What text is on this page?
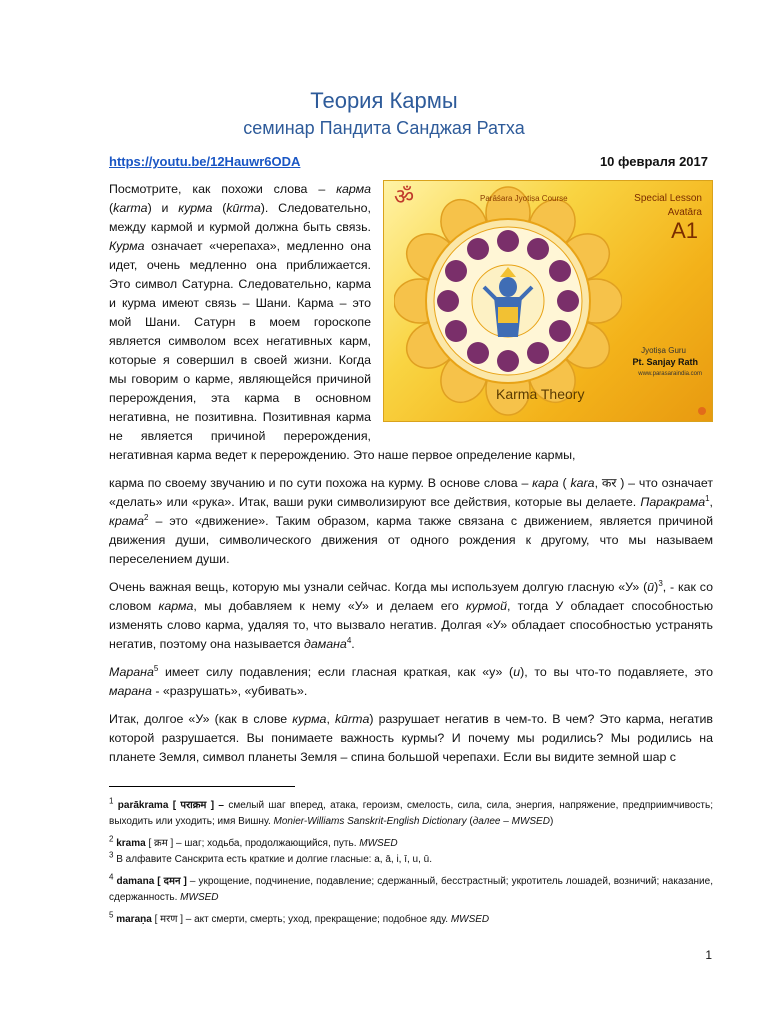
Теория Кармы
семинар Пандита Санджая Ратха
https://youtu.be/12Hauwr6ODA	10 февраля 2017
ॐ	Parāśara Jyotiṣa Course	Special Lesson
Avatāra
A1
Jyotiṣa Guru
Pt. Sanjay Rath
www.parasaraindia.com
Karma Theory

Посмотрите, как похожи слова – карма (karma) и курма (kūrma). Следовательно, между кармой и курмой должна быть связь. Курма означает «черепаха», медленно она идет, очень медленно она приближается. Это символ Сатурна. Следовательно, карма и курма имеют связь – Шани. Карма – это мой Шани. Сатурн в моем гороскопе является символом всех негативных карм, которые я совершил в своей жизни. Когда мы говорим о карме, являющейся причиной перерождения, эта карма в основном негативна, не позитивна. Позитивная карма не является причиной перерождения, негативная карма ведет к перерождению. Это наше первое определение кармы,

карма по своему звучанию и по сути похожа на курму. В основе слова – кара ( kara, कर ) – что означает «делать» или «рука». Итак, ваши руки символизируют все действия, которые вы делаете. Паракрама$^1$, крама$^2$ – это «движение». Таким образом, карма также связана с движением, является причиной движения души, символического движения от одного рождения к другому, что мы называем переселением души.

Очень важная вещь, которую мы узнали сейчас. Когда мы используем долгую гласную «У» (ū)$^3$, - как со словом карма, мы добавляем к нему «У» и делаем его курмой, тогда У обладает способностью изменять слово карма, удаляя то, что вызвало негатив. Долгая «У» обладает способностью устранять негатив, поэтому она называется дамана$^4$.

Марана$^5$ имеет силу подавления; если гласная краткая, как «у» (u), то вы что-то подавляете, это марана - «разрушать», «убивать».

Итак, долгое «У» (как в слове курма, kūrma) разрушает негатив в чем-то. В чем? Это карма, негатив которой разрушается. Вы понимаете важность курмы? И почему мы родились? Мы родились на планете Земля, символ планеты Земля – спина большой черепахи. Если вы видите земной шар с

$^1$ parākrama [ पराक्रम ] – смелый шаг вперед, атака, героизм, смелость, сила, сила, энергия, напряжение, предприимчивость; выходить или уходить; имя Вишну. Monier-Williams Sanskrit-English Dictionary (далее – MWSED)
$^2$ krama [ क्रम ] – шаг; ходьба, продолжающийся, путь. MWSED
$^3$ В алфавите Санскрита есть краткие и долгие гласные: a, ā, i, ī, u, ū.
$^4$ damana [ दमन ] – укрощение, подчинение, подавление; сдержанный, бесстрастный; укротитель лошадей, возничий; наказание, сдержанность. MWSED
$^5$ maraṇa [ मरण ] – акт смерти, смерть; уход, прекращение; подобное яду. MWSED
1
